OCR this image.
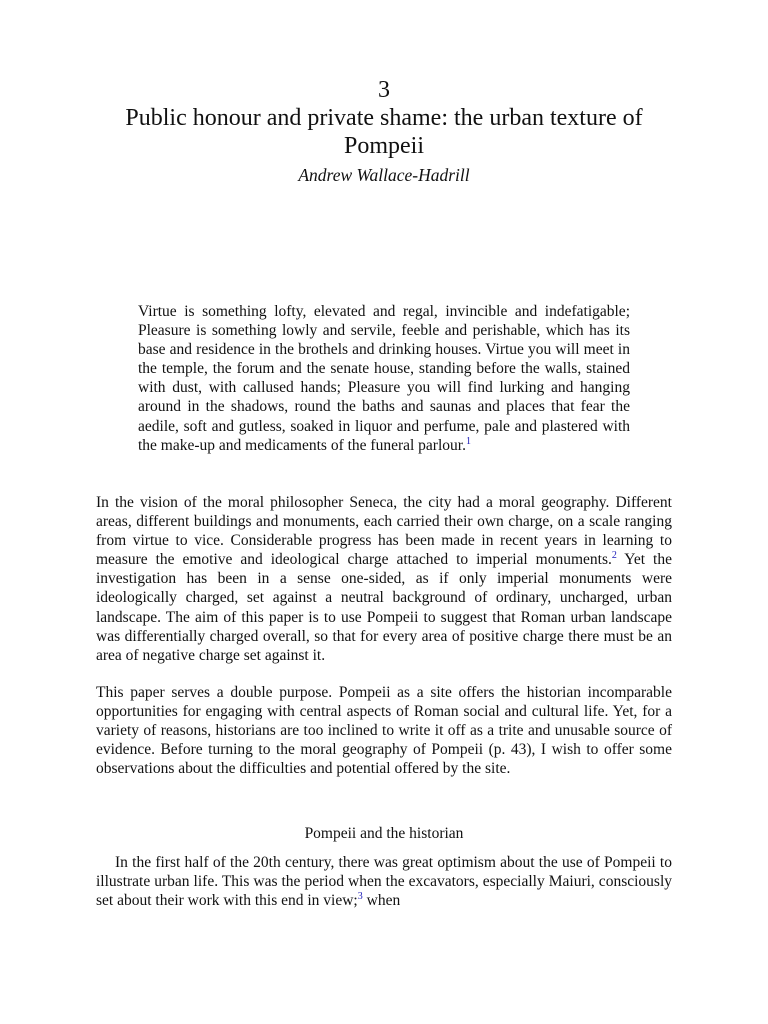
3
Public honour and private shame: the urban texture of Pompeii
Andrew Wallace-Hadrill

Virtue is something lofty, elevated and regal, invincible and indefatigable; Pleasure is something lowly and servile, feeble and perishable, which has its base and residence in the brothels and drinking houses. Virtue you will meet in the temple, the forum and the senate house, standing before the walls, stained with dust, with callused hands; Pleasure you will find lurking and hanging around in the shadows, round the baths and saunas and places that fear the aedile, soft and gutless, soaked in liquor and perfume, pale and plastered with the make-up and medicaments of the funeral parlour.$^1$

In the vision of the moral philosopher Seneca, the city had a moral geography. Different areas, different buildings and monuments, each carried their own charge, on a scale ranging from virtue to vice. Considerable progress has been made in recent years in learning to measure the emotive and ideological charge attached to imperial monuments.$^2$ Yet the investigation has been in a sense one-sided, as if only imperial monuments were ideologically charged, set against a neutral background of ordinary, uncharged, urban landscape. The aim of this paper is to use Pompeii to suggest that Roman urban landscape was differentially charged overall, so that for every area of positive charge there must be an area of negative charge set against it.

This paper serves a double purpose. Pompeii as a site offers the historian incomparable opportunities for engaging with central aspects of Roman social and cultural life. Yet, for a variety of reasons, historians are too inclined to write it off as a trite and unusable source of evidence. Before turning to the moral geography of Pompeii (p. 43), I wish to offer some observations about the difficulties and potential offered by the site.

Pompeii and the historian

In the first half of the 20th century, there was great optimism about the use of Pompeii to illustrate urban life. This was the period when the excavators, especially Maiuri, consciously set about their work with this end in view;$^3$ when
